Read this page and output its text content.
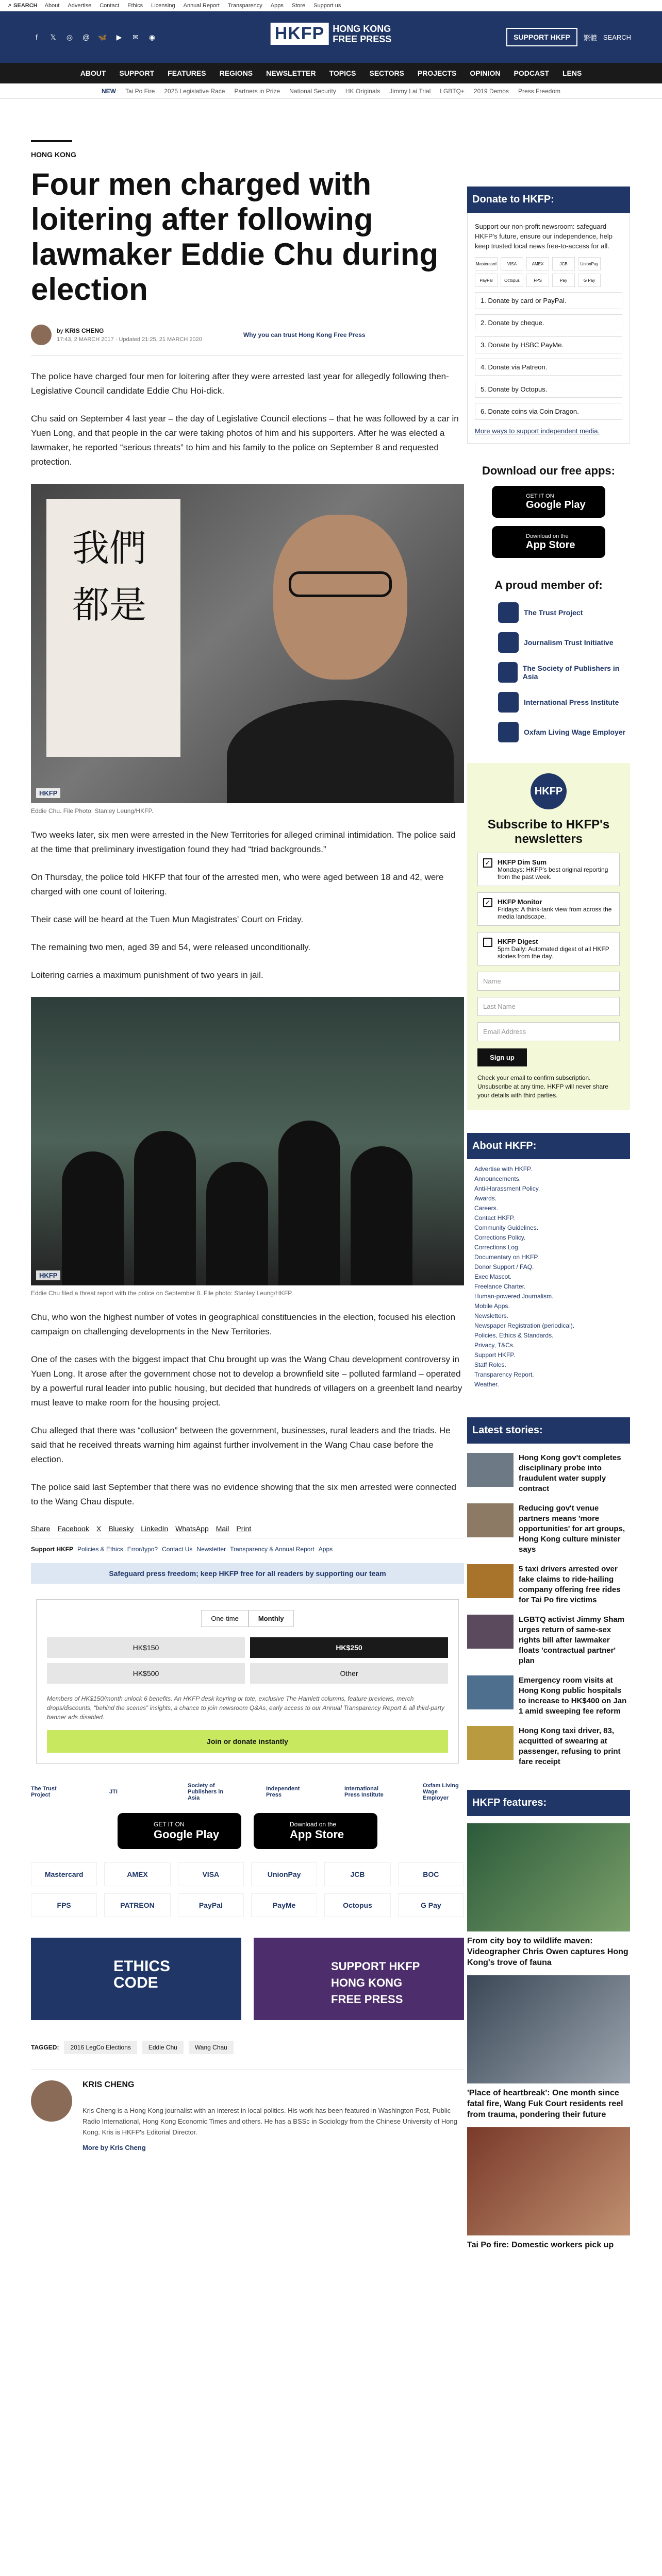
⌕ SEARCH About Advertise Contact Ethics Licensing Annual Report Transparency Apps Store Support us
f	𝕏	◎	@ 🦋	▶	✉	◉	HKFP HONG KONG
FREE PRESS	SUPPORT HKFP	繁體 SEARCH
ABOUT SUPPORT FEATURES REGIONS NEWSLETTER TOPICS SECTORS PROJECTS OPINION PODCAST LENS
NEW Tai Po Fire 2025 Legislative Race Partners in Prize National Security HK Originals Jimmy Lai Trial LGBTQ+ 2019 Demos Press Freedom
HONG KONG
Four men charged with loitering after following lawmaker Eddie Chu during election
by KRIS CHENG
17:43, 2 MARCH 2017 · Updated 21:25, 21 MARCH 2020
Why you can trust Hong Kong Free Press

The police have charged four men for loitering after they were arrested last year for allegedly following then-Legislative Council candidate Eddie Chu Hoi-dick.

Chu said on September 4 last year – the day of Legislative Council elections – that he was followed by a car in Yuen Long, and that people in the car were taking photos of him and his supporters. After he was elected a lawmaker, he reported “serious threats” to him and his family to the police on September 8 and requested protection.

我們都是
HKFP
Eddie Chu. File Photo: Stanley Leung/HKFP.

Two weeks later, six men were arrested in the New Territories for alleged criminal intimidation. The police said at the time that preliminary investigation found they had “triad backgrounds.”

On Thursday, the police told HKFP that four of the arrested men, who were aged between 18 and 42, were charged with one count of loitering.

Their case will be heard at the Tuen Mun Magistrates’ Court on Friday.

The remaining two men, aged 39 and 54, were released unconditionally.

Loitering carries a maximum punishment of two years in jail.

HKFP
Eddie Chu filed a threat report with the police on September 8. File photo: Stanley Leung/HKFP.

Chu, who won the highest number of votes in geographical constituencies in the election, focused his election campaign on challenging developments in the New Territories.

One of the cases with the biggest impact that Chu brought up was the Wang Chau development controversy in Yuen Long. It arose after the government chose not to develop a brownfield site – polluted farmland – operated by a powerful rural leader into public housing, but decided that hundreds of villagers on a greenbelt land nearby must leave to make room for the housing project.

Chu alleged that there was “collusion” between the government, businesses, rural leaders and the triads. He said that he received threats warning him against further involvement in the Wang Chau case before the election.

The police said last September that there was no evidence showing that the six men arrested were connected to the Wang Chau dispute.

Share Facebook X Bluesky LinkedIn WhatsApp Mail Print
Support HKFP Policies & Ethics Error/typo? Contact Us Newsletter Transparency & Annual Report Apps
Safeguard press freedom; keep HKFP free for all readers by supporting our team
One-time	Monthly
HK$150	HK$250
HK$500	Other
Members of HK$150/month unlock 6 benefits. An HKFP desk keyring or tote, exclusive The Hamlett columns, feature previews, merch drops/discounts, “behind the scenes” insights, a chance to join newsroom Q&As, early access to our Annual Transparency Report & all third-party banner ads disabled.
Join or donate instantly
The Trust Project	JTI
Society of Publishers in Asia
Independent Press
International Press Institute
Oxfam Living Wage Employer
GET IT ON
Google Play
Download on the
App Store
Mastercard	AMEX	VISA	UnionPay	JCB	BOC
FPS	PATREON	PayPal	PayMe	Octopus	G Pay
ETHICS
CODE
SUPPORT HKFP
HONG KONG
FREE PRESS
TAGGED:	2016 LegCo Elections	Eddie Chu	Wang Chau
KRIS CHENG
Kris Cheng is a Hong Kong journalist with an interest in local politics. His work has been featured in Washington Post, Public Radio International, Hong Kong Economic Times and others. He has a BSSc in Sociology from the Chinese University of Hong Kong. Kris is HKFP's Editorial Director.
More by Kris Cheng
Donate to HKFP:
Support our non-profit newsroom: safeguard HKFP's future, ensure our independence, help keep trusted local news free-to-access for all.
Mastercard	VISA	AMEX	JCB	UnionPay
PayPal	Octopus	FPS	Pay	G Pay
1. Donate by card or PayPal.
2. Donate by cheque.
3. Donate by HSBC PayMe.
4. Donate via Patreon.
5. Donate by Octopus.
6. Donate coins via Coin Dragon.
More ways to support independent media.
Download our free apps:
GET IT ON
Google Play
Download on the
App Store
A proud member of:
The Trust Project
Journalism Trust Initiative
The Society of Publishers in Asia
International Press Institute
Oxfam Living Wage Employer
HKFP
Subscribe to HKFP's newsletters
✓ HKFP Dim Sum
Mondays: HKFP's best original reporting from the past week.
✓ HKFP Monitor
Fridays: A think-tank view from across the media landscape.
HKFP Digest
5pm Daily: Automated digest of all HKFP stories from the day.
Name
Last Name
Email Address
Sign up
Check your email to confirm subscription. Unsubscribe at any time. HKFP will never share your details with third parties.
About HKFP:
Advertise with HKFP.
Announcements.
Anti-Harassment Policy.
Awards.
Careers.
Contact HKFP.
Community Guidelines.
Corrections Policy.
Corrections Log.
Documentary on HKFP.
Donor Support / FAQ.
Exec Mascot.
Freelance Charter.
Human-powered Journalism.
Mobile Apps.
Newsletters.
Newspaper Registration (periodical).
Policies, Ethics & Standards.
Privacy, T&Cs.
Support HKFP.
Staff Roles.
Transparency Report.
Weather.
Latest stories:
Hong Kong gov't completes disciplinary probe into fraudulent water supply contract
Reducing gov't venue partners means 'more opportunities' for art groups, Hong Kong culture minister says
5 taxi drivers arrested over fake claims to ride-hailing company offering free rides for Tai Po fire victims
LGBTQ activist Jimmy Sham urges return of same-sex rights bill after lawmaker floats 'contractual partner' plan
Emergency room visits at Hong Kong public hospitals to increase to HK$400 on Jan 1 amid sweeping fee reform
Hong Kong taxi driver, 83, acquitted of swearing at passenger, refusing to print fare receipt
HKFP features:
From city boy to wildlife maven: Videographer Chris Owen captures Hong Kong's trove of fauna
'Place of heartbreak': One month since fatal fire, Wang Fuk Court residents reel from trauma, pondering their future
Tai Po fire: Domestic workers pick up
